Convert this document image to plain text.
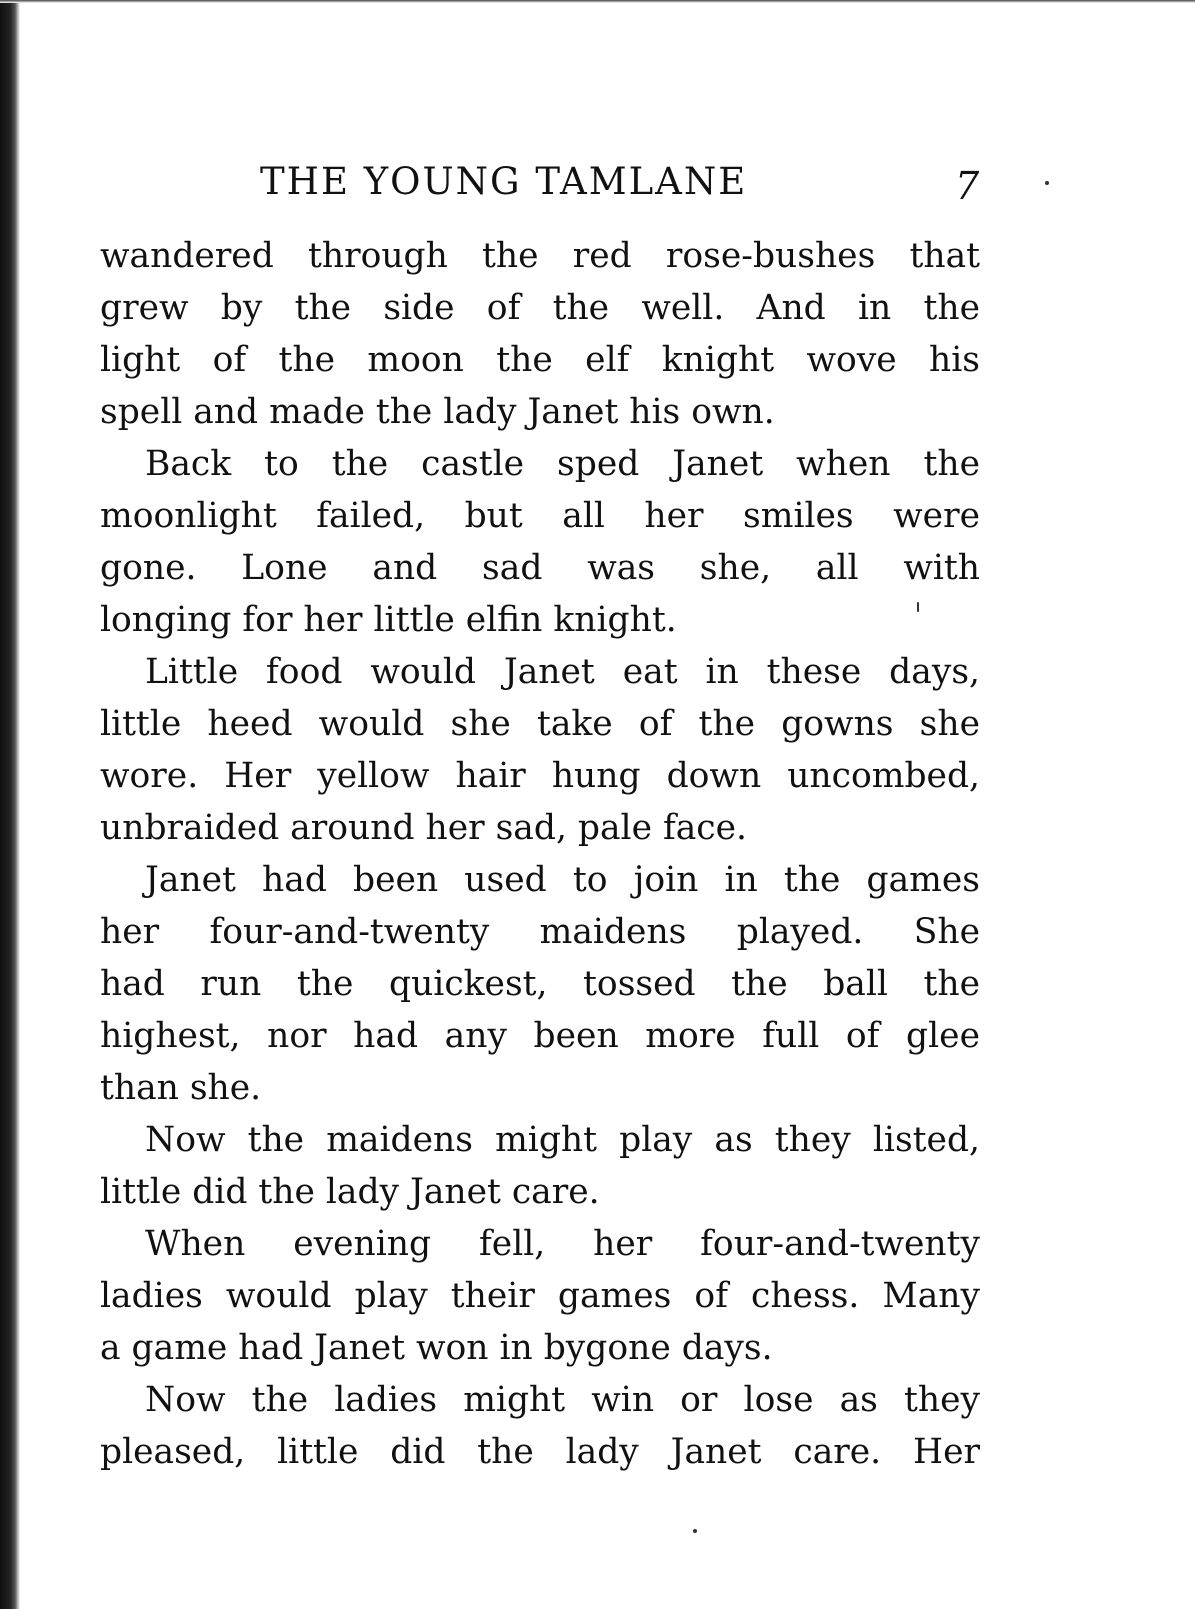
THE YOUNG TAMLANE	7

wandered through the red rose-bushes that
grew by the side of the well. And in the
light of the moon the elf knight wove his
spell and made the lady Janet his own.

Back to the castle sped Janet when the
moonlight failed, but all her smiles were
gone. Lone and sad was she, all with
longing for her little elfin knight.

Little food would Janet eat in these days,
little heed would she take of the gowns she
wore. Her yellow hair hung down uncombed,
unbraided around her sad, pale face.

Janet had been used to join in the games
her four-and-twenty maidens played. She
had run the quickest, tossed the ball the
highest, nor had any been more full of glee
than she.

Now the maidens might play as they listed,
little did the lady Janet care.

When evening fell, her four-and-twenty
ladies would play their games of chess. Many
a game had Janet won in bygone days.

Now the ladies might win or lose as they
pleased, little did the lady Janet care. Her
